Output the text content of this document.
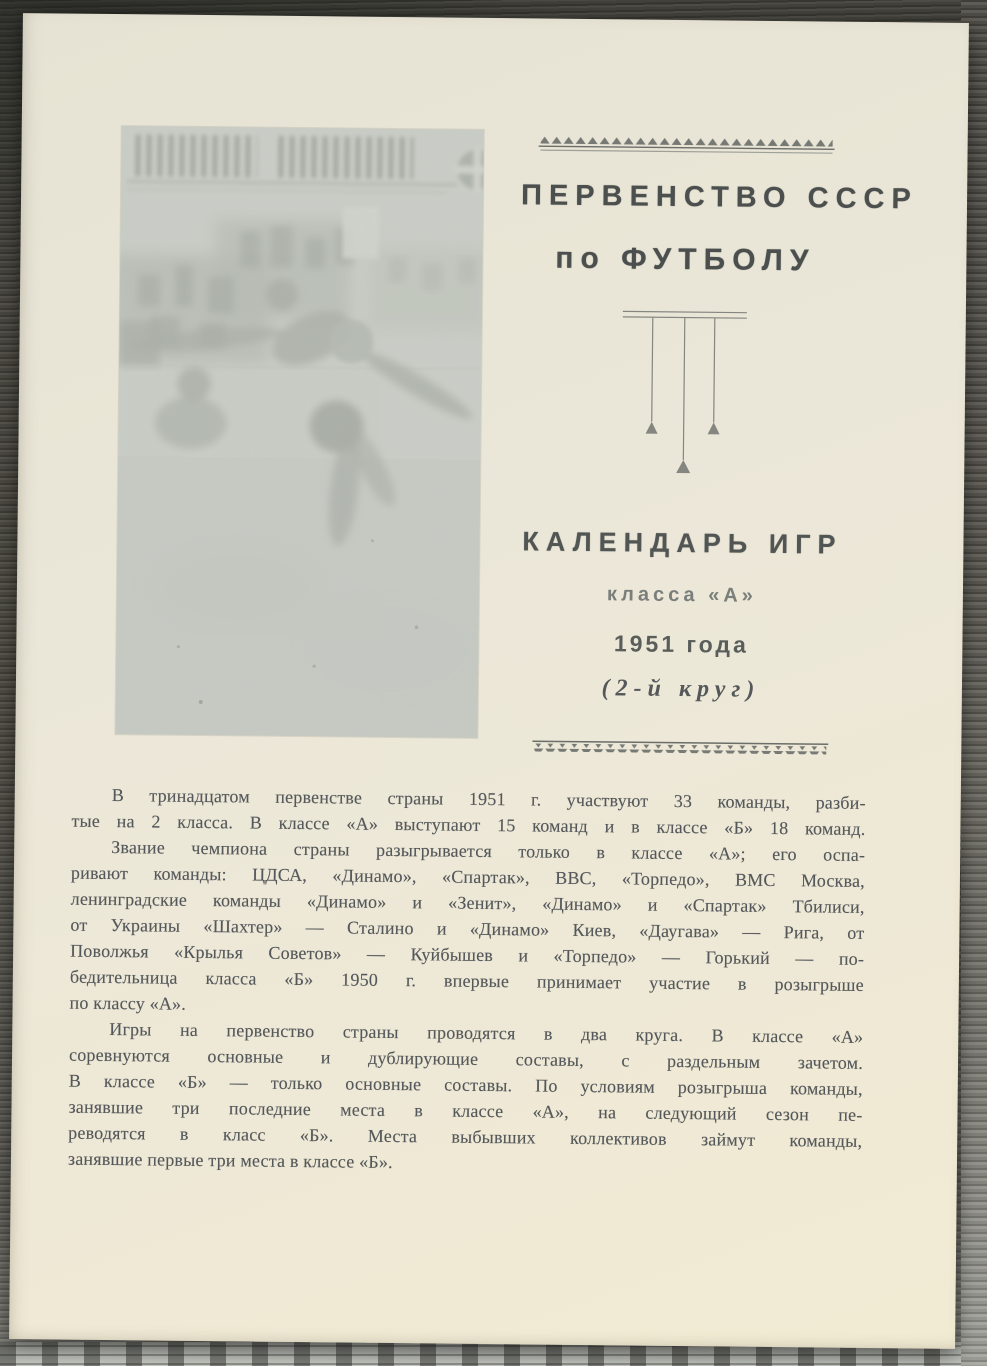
ПЕРВЕНСТВО СССР
по ФУТБОЛУ
КАЛЕНДАРЬ ИГР
класса «А»
1951 года
(2-й круг)
В тринадцатом первенстве страны 1951 г. участвуют 33 команды, разби-
тые на 2 класса. В классе «А» выступают 15 команд и в классе «Б» 18 команд.
Звание чемпиона страны разыгрывается только в классе «А»; его оспа-
ривают команды: ЦДСА, «Динамо», «Спартак», ВВС, «Торпедо», ВМС Москва,
ленинградские команды «Динамо» и «Зенит», «Динамо» и «Спартак» Тбилиси,
от Украины «Шахтер» — Сталино и «Динамо» Киев, «Даугава» — Рига, от
Поволжья «Крылья Советов» — Куйбышев и «Торпедо» — Горький — по-
бедительница класса «Б» 1950 г. впервые принимает участие в розыгрыше
по классу «А».
Игры на первенство страны проводятся в два круга. В классе «А»
соревнуются основные и дублирующие составы, с раздельным зачетом.
В классе «Б» — только основные составы. По условиям розыгрыша команды,
занявшие три последние места в классе «А», на следующий сезон пе-
реводятся в класс «Б». Места выбывших коллективов займут команды,
занявшие первые три места в классе «Б».
